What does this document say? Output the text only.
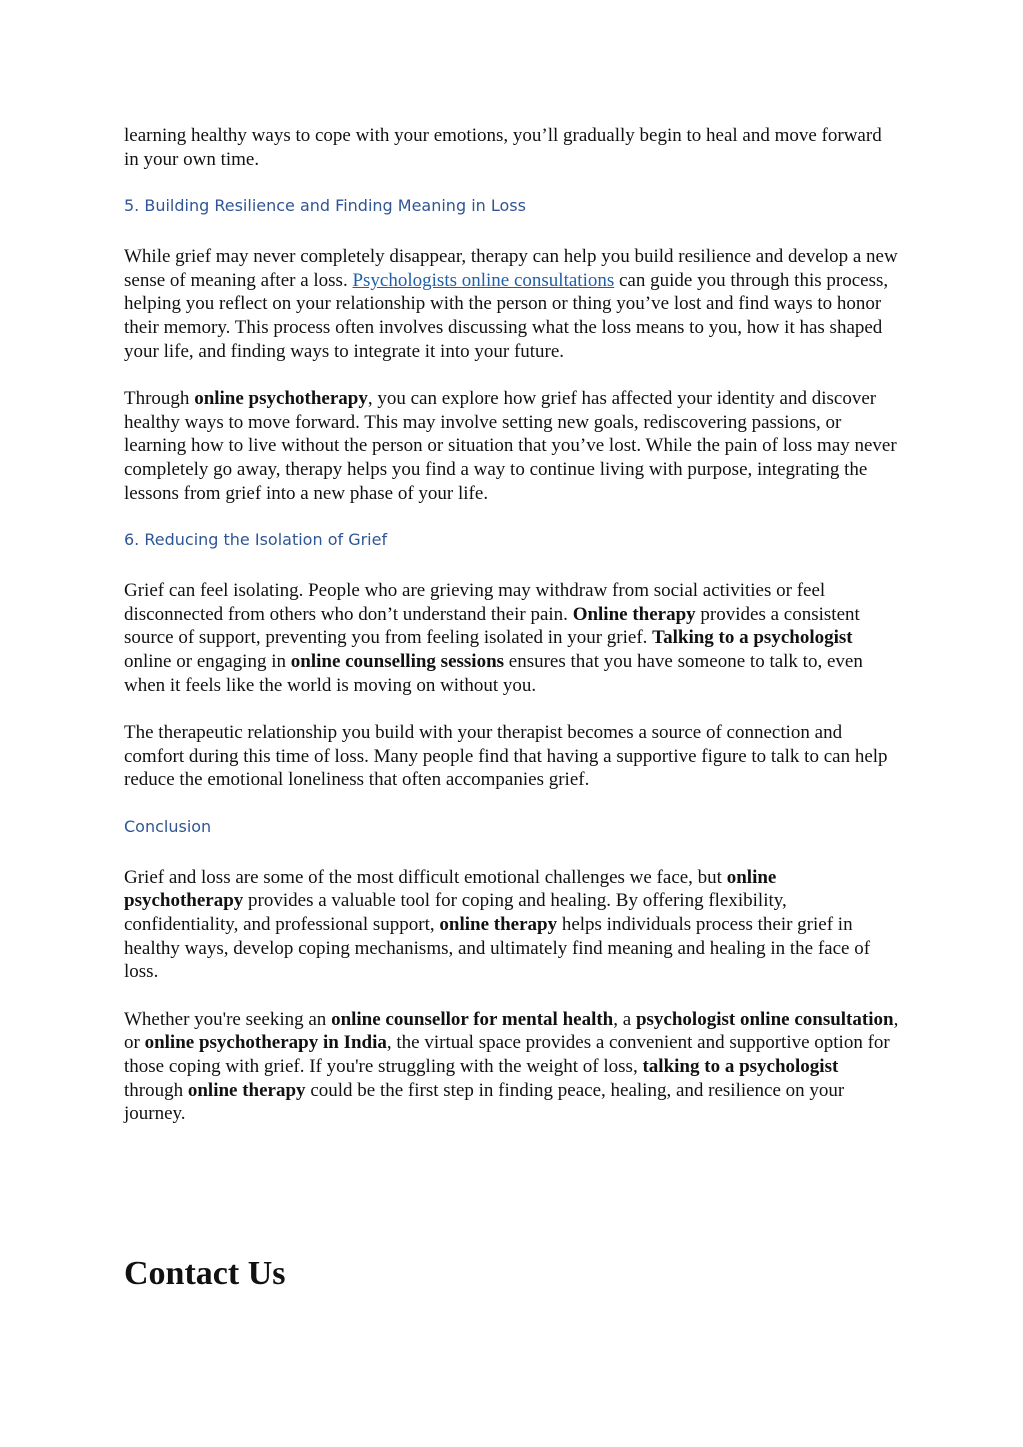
learning healthy ways to cope with your emotions, you’ll gradually begin to heal and move forward in your own time.

5. Building Resilience and Finding Meaning in Loss

While grief may never completely disappear, therapy can help you build resilience and develop a new sense of meaning after a loss. Psychologists online consultations can guide you through this process, helping you reflect on your relationship with the person or thing you’ve lost and find ways to honor their memory. This process often involves discussing what the loss means to you, how it has shaped your life, and finding ways to integrate it into your future.

Through online psychotherapy, you can explore how grief has affected your identity and discover healthy ways to move forward. This may involve setting new goals, rediscovering passions, or learning how to live without the person or situation that you’ve lost. While the pain of loss may never completely go away, therapy helps you find a way to continue living with purpose, integrating the lessons from grief into a new phase of your life.

6. Reducing the Isolation of Grief

Grief can feel isolating. People who are grieving may withdraw from social activities or feel disconnected from others who don’t understand their pain. Online therapy provides a consistent source of support, preventing you from feeling isolated in your grief. Talking to a psychologist online or engaging in online counselling sessions ensures that you have someone to talk to, even when it feels like the world is moving on without you.

The therapeutic relationship you build with your therapist becomes a source of connection and comfort during this time of loss. Many people find that having a supportive figure to talk to can help reduce the emotional loneliness that often accompanies grief.

Conclusion

Grief and loss are some of the most difficult emotional challenges we face, but online psychotherapy provides a valuable tool for coping and healing. By offering flexibility, confidentiality, and professional support, online therapy helps individuals process their grief in healthy ways, develop coping mechanisms, and ultimately find meaning and healing in the face of loss.

Whether you're seeking an online counsellor for mental health, a psychologist online consultation, or online psychotherapy in India, the virtual space provides a convenient and supportive option for those coping with grief. If you're struggling with the weight of loss, talking to a psychologist through online therapy could be the first step in finding peace, healing, and resilience on your journey.

Contact Us
